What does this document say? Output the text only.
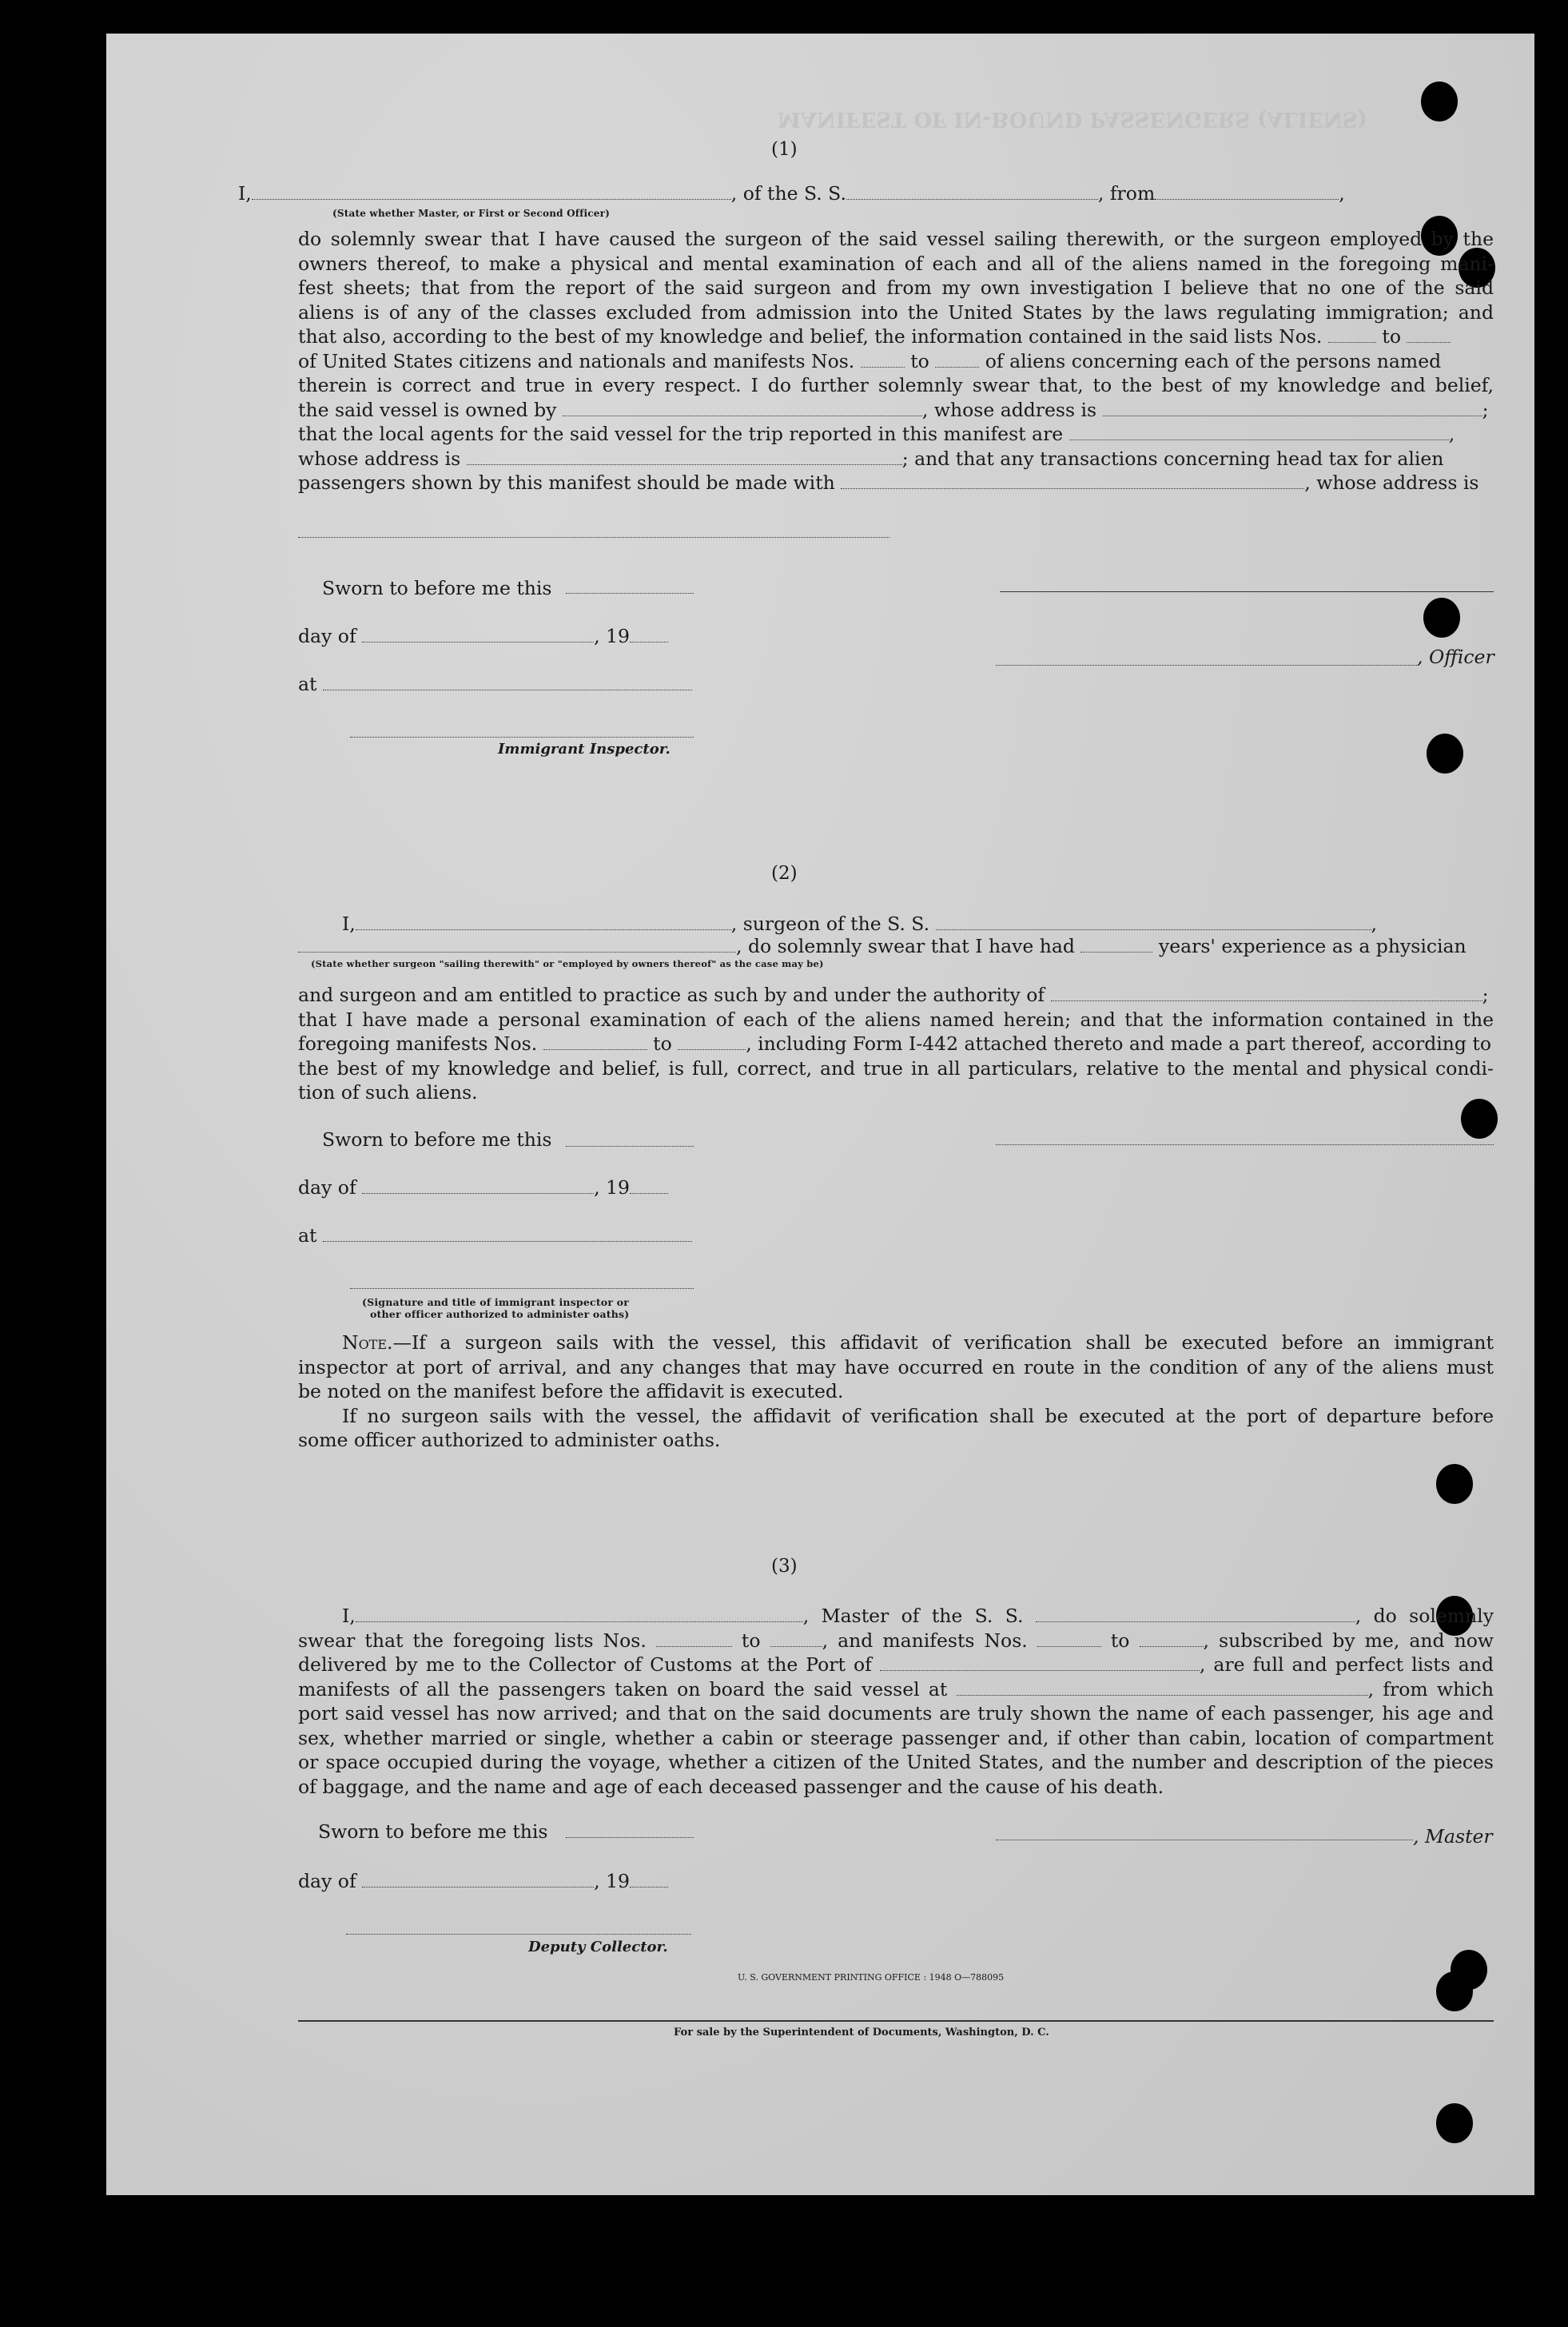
MANIFEST OF IN-BOUND PASSENGERS (ALIENS)
(1)
I,	, of the S. S.	, from	,
(State whether Master, or First or Second Officer)
do solemnly swear that I have caused the surgeon of the said vessel sailing therewith, or the surgeon employed by the
owners thereof, to make a physical and mental examination of each and all of the aliens named in the foregoing mani-
fest sheets; that from the report of the said surgeon and from my own investigation I believe that no one of the said
aliens is of any of the classes excluded from admission into the United States by the laws regulating immigration; and
that also, according to the best of my knowledge and belief, the information contained in the said lists Nos.	to
of United States citizens and nationals and manifests Nos.	to	of aliens concerning each of the persons named
therein is correct and true in every respect. I do further solemnly swear that, to the best of my knowledge and belief,
the said vessel is owned by	, whose address is	;
that the local agents for the said vessel for the trip reported in this manifest are	,
whose address is	; and that any transactions concerning head tax for alien
passengers shown by this manifest should be made with	, whose address is
Sworn to before me this
day of	, 19
, Officer
at
Immigrant Inspector.
(2)
I,	, surgeon of the S. S.	,
, do solemnly swear that I have had	years' experience as a physician
(State whether surgeon "sailing therewith" or "employed by owners thereof" as the case may be)
and surgeon and am entitled to practice as such by and under the authority of	;
that I have made a personal examination of each of the aliens named herein; and that the information contained in the
foregoing manifests Nos.	to	, including Form I-442 attached thereto and made a part thereof, according to
the best of my knowledge and belief, is full, correct, and true in all particulars, relative to the mental and physical condi-
tion of such aliens.
Sworn to before me this
day of	, 19
at
(Signature and title of immigrant inspector or
other officer authorized to administer oaths)
Note.—If a surgeon sails with the vessel, this affidavit of verification shall be executed before an immigrant
inspector at port of arrival, and any changes that may have occurred en route in the condition of any of the aliens must
be noted on the manifest before the affidavit is executed.
If no surgeon sails with the vessel, the affidavit of verification shall be executed at the port of departure before
some officer authorized to administer oaths.
(3)
I,	, Master of the S. S.	, do solemnly
swear that the foregoing lists Nos.	to	, and manifests Nos.	to	, subscribed by me, and now
delivered by me to the Collector of Customs at the Port of	, are full and perfect lists and
manifests of all the passengers taken on board the said vessel at	, from which
port said vessel has now arrived; and that on the said documents are truly shown the name of each passenger, his age and
sex, whether married or single, whether a cabin or steerage passenger and, if other than cabin, location of compartment
or space occupied during the voyage, whether a citizen of the United States, and the number and description of the pieces
of baggage, and the name and age of each deceased passenger and the cause of his death.
Sworn to before me this	, Master
day of	, 19
Deputy Collector.
U. S. GOVERNMENT PRINTING OFFICE : 1948 O—788095
For sale by the Superintendent of Documents, Washington, D. C.
